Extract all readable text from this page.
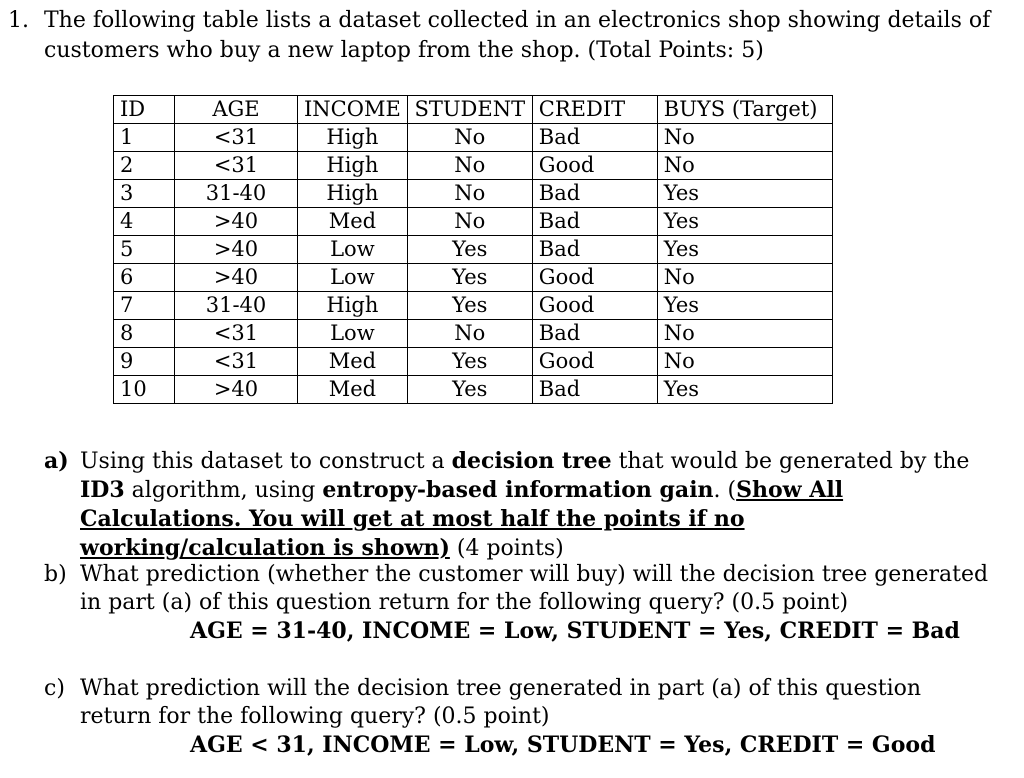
1. The following table lists a dataset collected in an electronics shop showing details of customers who buy a new laptop from the shop. (Total Points: 5)
ID	AGE	INCOME	STUDENT	CREDIT	BUYS (Target)
1	<31	High	No	Bad	No
2	<31	High	No	Good	No
3	31-40	High	No	Bad	Yes
4	>40	Med	No	Bad	Yes
5	>40	Low	Yes	Bad	Yes
6	>40	Low	Yes	Good	No
7	31-40	High	Yes	Good	Yes
8	<31	Low	No	Bad	No
9	<31	Med	Yes	Good	No
10	>40	Med	Yes	Bad	Yes
a) Using this dataset to construct a decision tree that would be generated by the ID3 algorithm, using entropy-based information gain. (Show All Calculations. You will get at most half the points if no working/calculation is shown) (4 points)
b) What prediction (whether the customer will buy) will the decision tree generated in part (a) of this question return for the following query? (0.5 point)
AGE = 31-40, INCOME = Low, STUDENT = Yes, CREDIT = Bad
c) What prediction will the decision tree generated in part (a) of this question return for the following query? (0.5 point)
AGE < 31, INCOME = Low, STUDENT = Yes, CREDIT = Good
